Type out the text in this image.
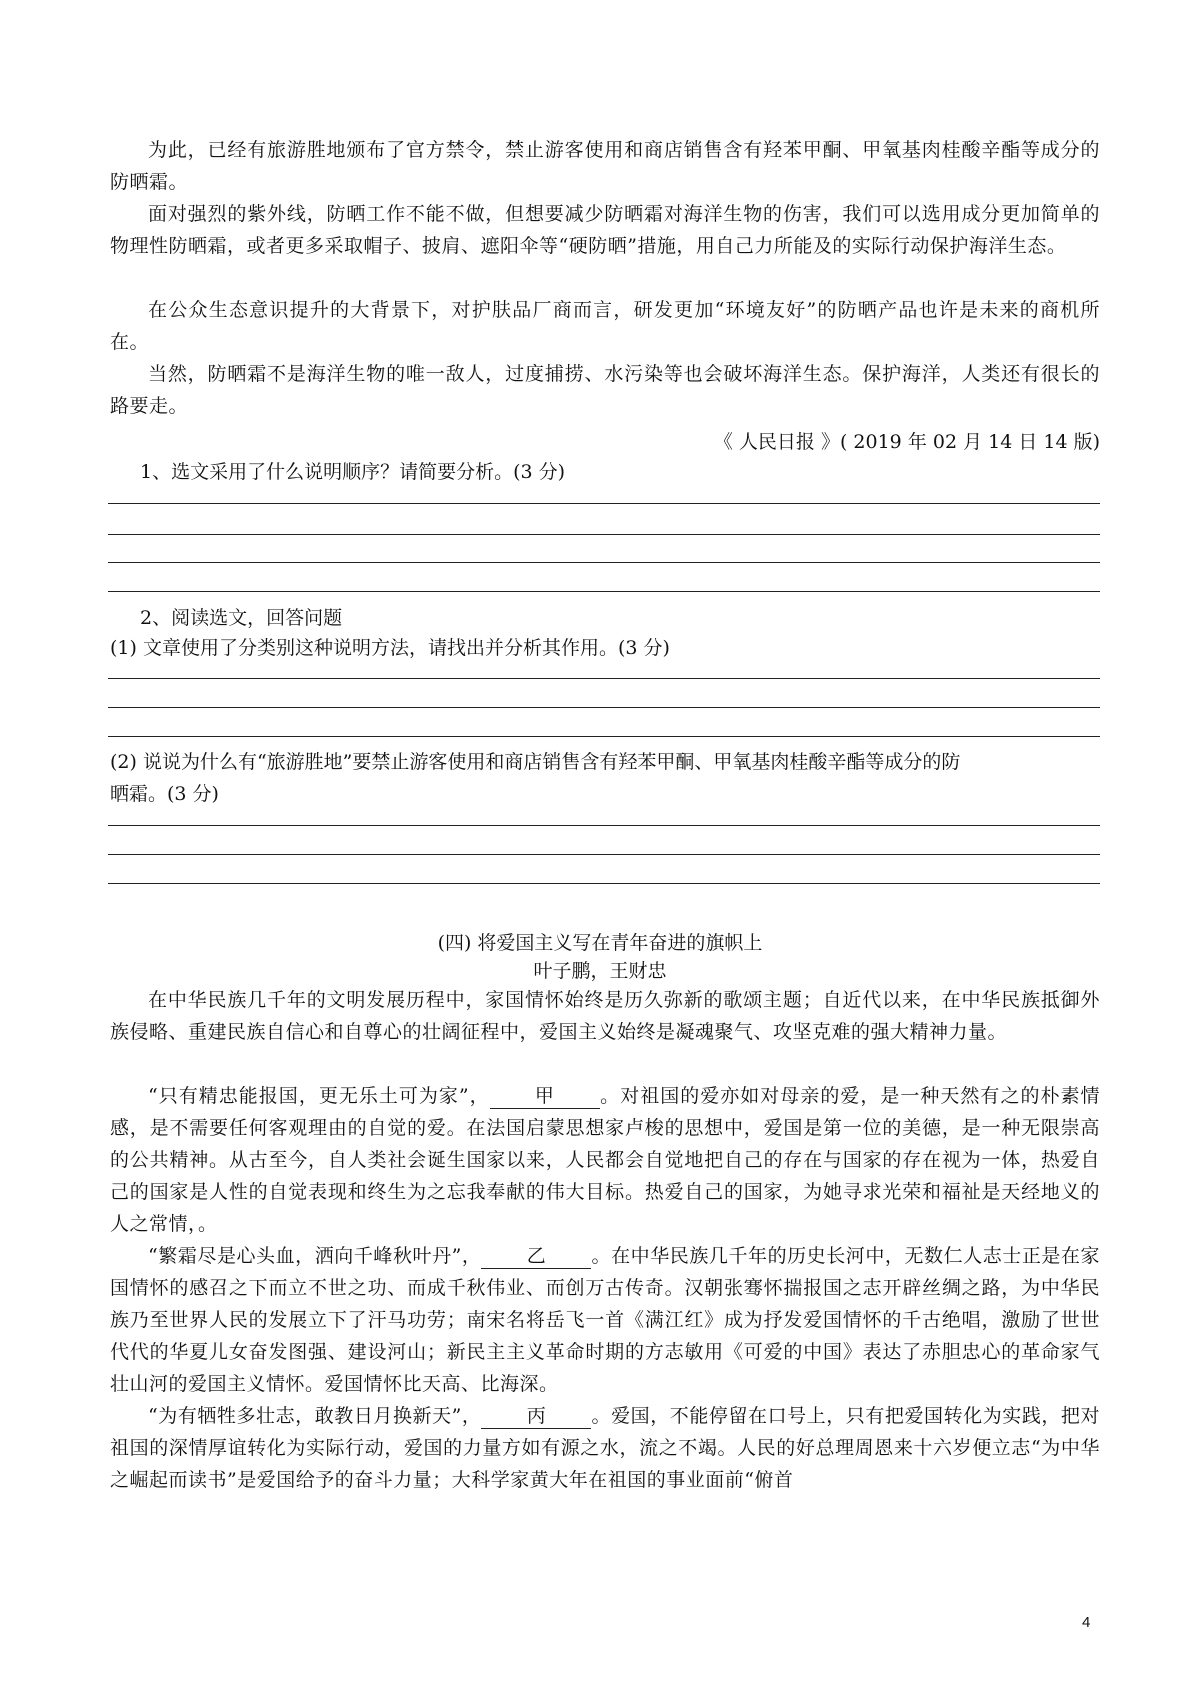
为此，已经有旅游胜地颁布了官方禁令，禁止游客使用和商店销售含有羟苯甲酮、甲氧基肉桂酸辛酯等成分的防晒霜。

面对强烈的紫外线，防晒工作不能不做，但想要减少防晒霜对海洋生物的伤害，我们可以选用成分更加简单的物理性防晒霜，或者更多采取帽子、披肩、遮阳伞等“硬防晒”措施，用自己力所能及的实际行动保护海洋生态。

在公众生态意识提升的大背景下，对护肤品厂商而言，研发更加“环境友好”的防晒产品也许是未来的商机所在。

当然，防晒霜不是海洋生物的唯一敌人，过度捕捞、水污染等也会破坏海洋生态。保护海洋，人类还有很长的路要走。

《 人民日报 》( 2019 年 02 月 14 日 14 版)

1、选文采用了什么说明顺序？请简要分析。(3 分)

2、阅读选文，回答问题

(1) 文章使用了分类别这种说明方法，请找出并分析其作用。(3 分)

(2) 说说为什么有“旅游胜地”要禁止游客使用和商店销售含有羟苯甲酮、甲氧基肉桂酸辛酯等成分的防

晒霜。(3 分)

(四) 将爱国主义写在青年奋进的旗帜上

叶子鹏，王财忠

在中华民族几千年的文明发展历程中，家国情怀始终是历久弥新的歌颂主题；自近代以来，在中华民族抵御外族侵略、重建民族自信心和自尊心的壮阔征程中，爱国主义始终是凝魂聚气、攻坚克难的强大精神力量。

“只有精忠能报国，更无乐土可为家”， 甲 。对祖国的爱亦如对母亲的爱，是一种天然有之的朴素情感，是不需要任何客观理由的自觉的爱。在法国启蒙思想家卢梭的思想中，爱国是第一位的美德，是一种无限崇高的公共精神。从古至今，自人类社会诞生国家以来，人民都会自觉地把自己的存在与国家的存在视为一体，热爱自己的国家是人性的自觉表现和终生为之忘我奉献的伟大目标。热爱自己的国家，为她寻求光荣和福祉是天经地义的人之常情，。

“繁霜尽是心头血，洒向千峰秋叶丹”， 乙 。在中华民族几千年的历史长河中，无数仁人志士正是在家国情怀的感召之下而立不世之功、而成千秋伟业、而创万古传奇。汉朝张骞怀揣报国之志开辟丝绸之路，为中华民族乃至世界人民的发展立下了汗马功劳；南宋名将岳飞一首《满江红》成为抒发爱国情怀的千古绝唱，激励了世世代代的华夏儿女奋发图强、建设河山；新民主主义革命时期的方志敏用《可爱的中国》表达了赤胆忠心的革命家气壮山河的爱国主义情怀。爱国情怀比天高、比海深。

“为有牺牲多壮志，敢教日月换新天”， 丙 。爱国，不能停留在口号上，只有把爱国转化为实践，把对祖国的深情厚谊转化为实际行动，爱国的力量方如有源之水，流之不竭。人民的好总理周恩来十六岁便立志“为中华之崛起而读书”是爱国给予的奋斗力量；大科学家黄大年在祖国的事业面前“俯首

4
